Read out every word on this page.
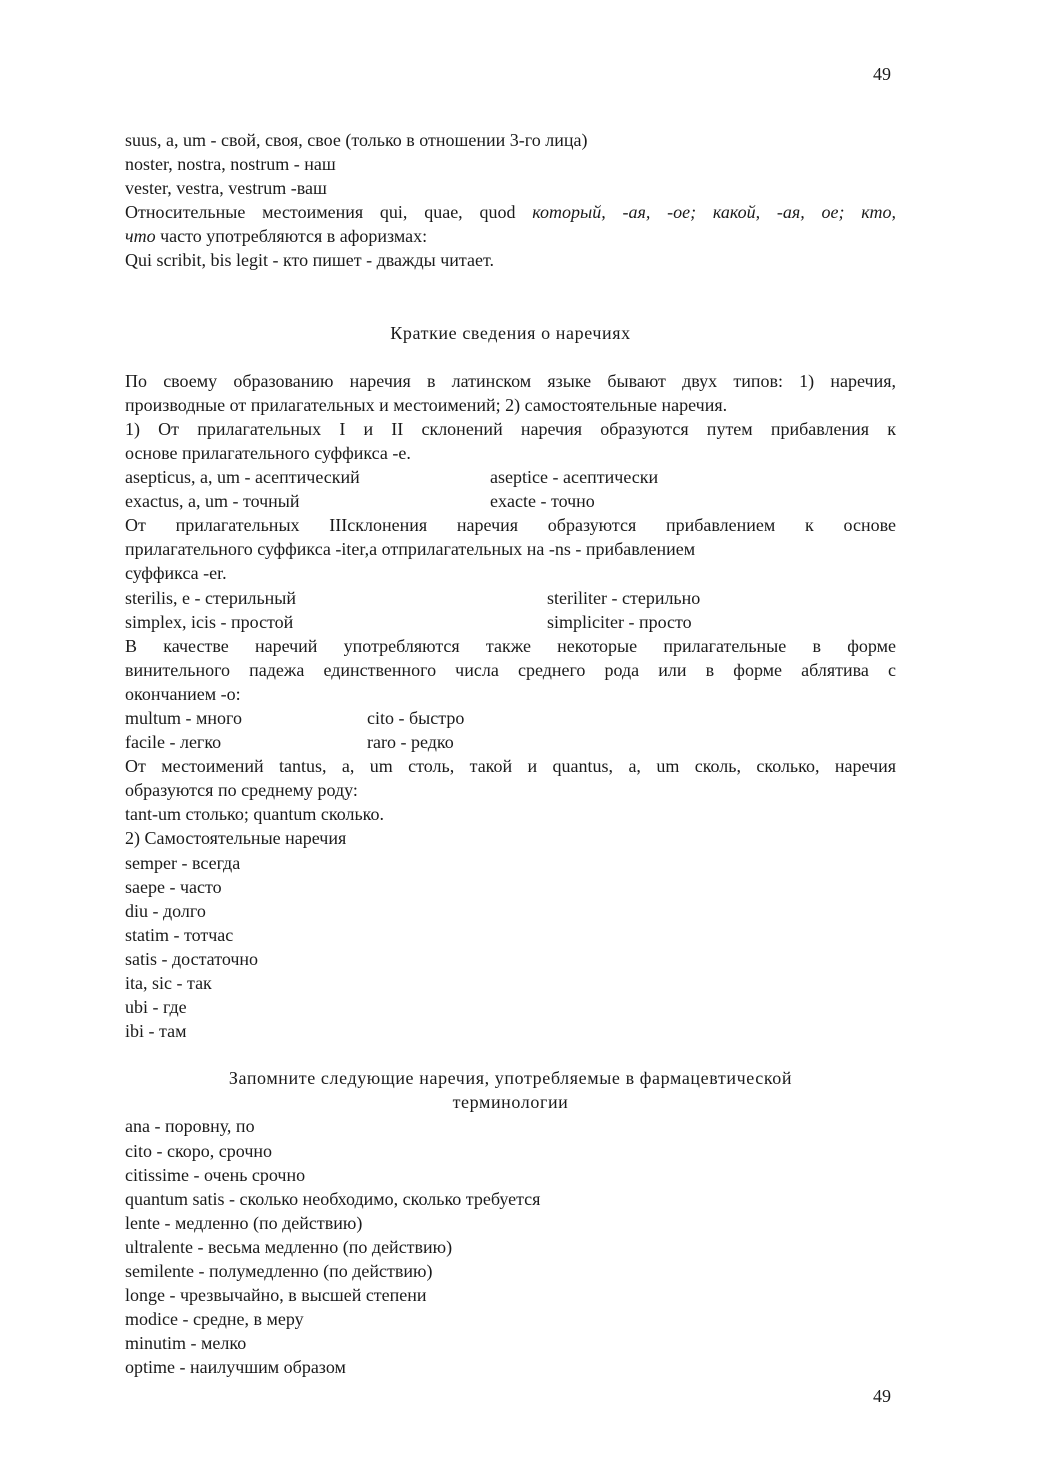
49
suus, a, um - свой, своя, свое (только в отношении 3-го лица)
noster, nostra, nostrum - наш
vester, vestra, vestrum -ваш
Относительные местоимения qui, quae, quod который, -ая, -ое; какой, -ая, ое; кто,
что часто употребляются в афоризмах:
Qui scribit, bis legit - кто пишет - дважды читает.
Краткие сведения о наречиях
По своему образованию наречия в латинском языке бывают двух типов: 1) наречия,
производные от прилагательных и местоимений; 2) самостоятельные наречия.
1) От прилагательных I и II склонений наречия образуются путем прибавления к
основе прилагательного суффикса -е.
asepticus, a, um - асептический	aseptice - асептически
exactus, a, um - точный	exacte - точно
От прилагательных IIIсклонения наречия образуются прибавлением к основе
прилагательного суффикса -iter,а отприлагательных на -ns - прибавлением
суффикса -er.
sterilis, e - стерильный	steriliter - стерильно
simplex, icis - простой	simpliciter - просто
В качестве наречий употребляются также некоторые прилагательные в форме
винительного падежа единственного числа среднего рода или в форме аблятива с
окончанием -о:
multum - много	cito - быстро
facile - легко	raro - редко
От местоимений tantus, a, um столь, такой и quantus, a, um сколь, сколько, наречия
образуются по среднему роду:
tant-um столько; quantum сколько.
2) Самостоятельные наречия
semper - всегда
saepe - часто
diu - долго
statim - тотчас
satis - достаточно
ita, sic - так
ubi - где
ibi - там
Запомните следующие наречия, употребляемые в фармацевтической
терминологии
ana - поровну, по
cito - скоро, срочно
citissime - очень срочно
quantum satis - сколько необходимо, сколько требуется
lente - медленно (по действию)
ultralente - весьма медленно (по действию)
semilente - полумедленно (по действию)
longe - чрезвычайно, в высшей степени
modice - средне, в меру
minutim - мелко
optime - наилучшим образом
49
